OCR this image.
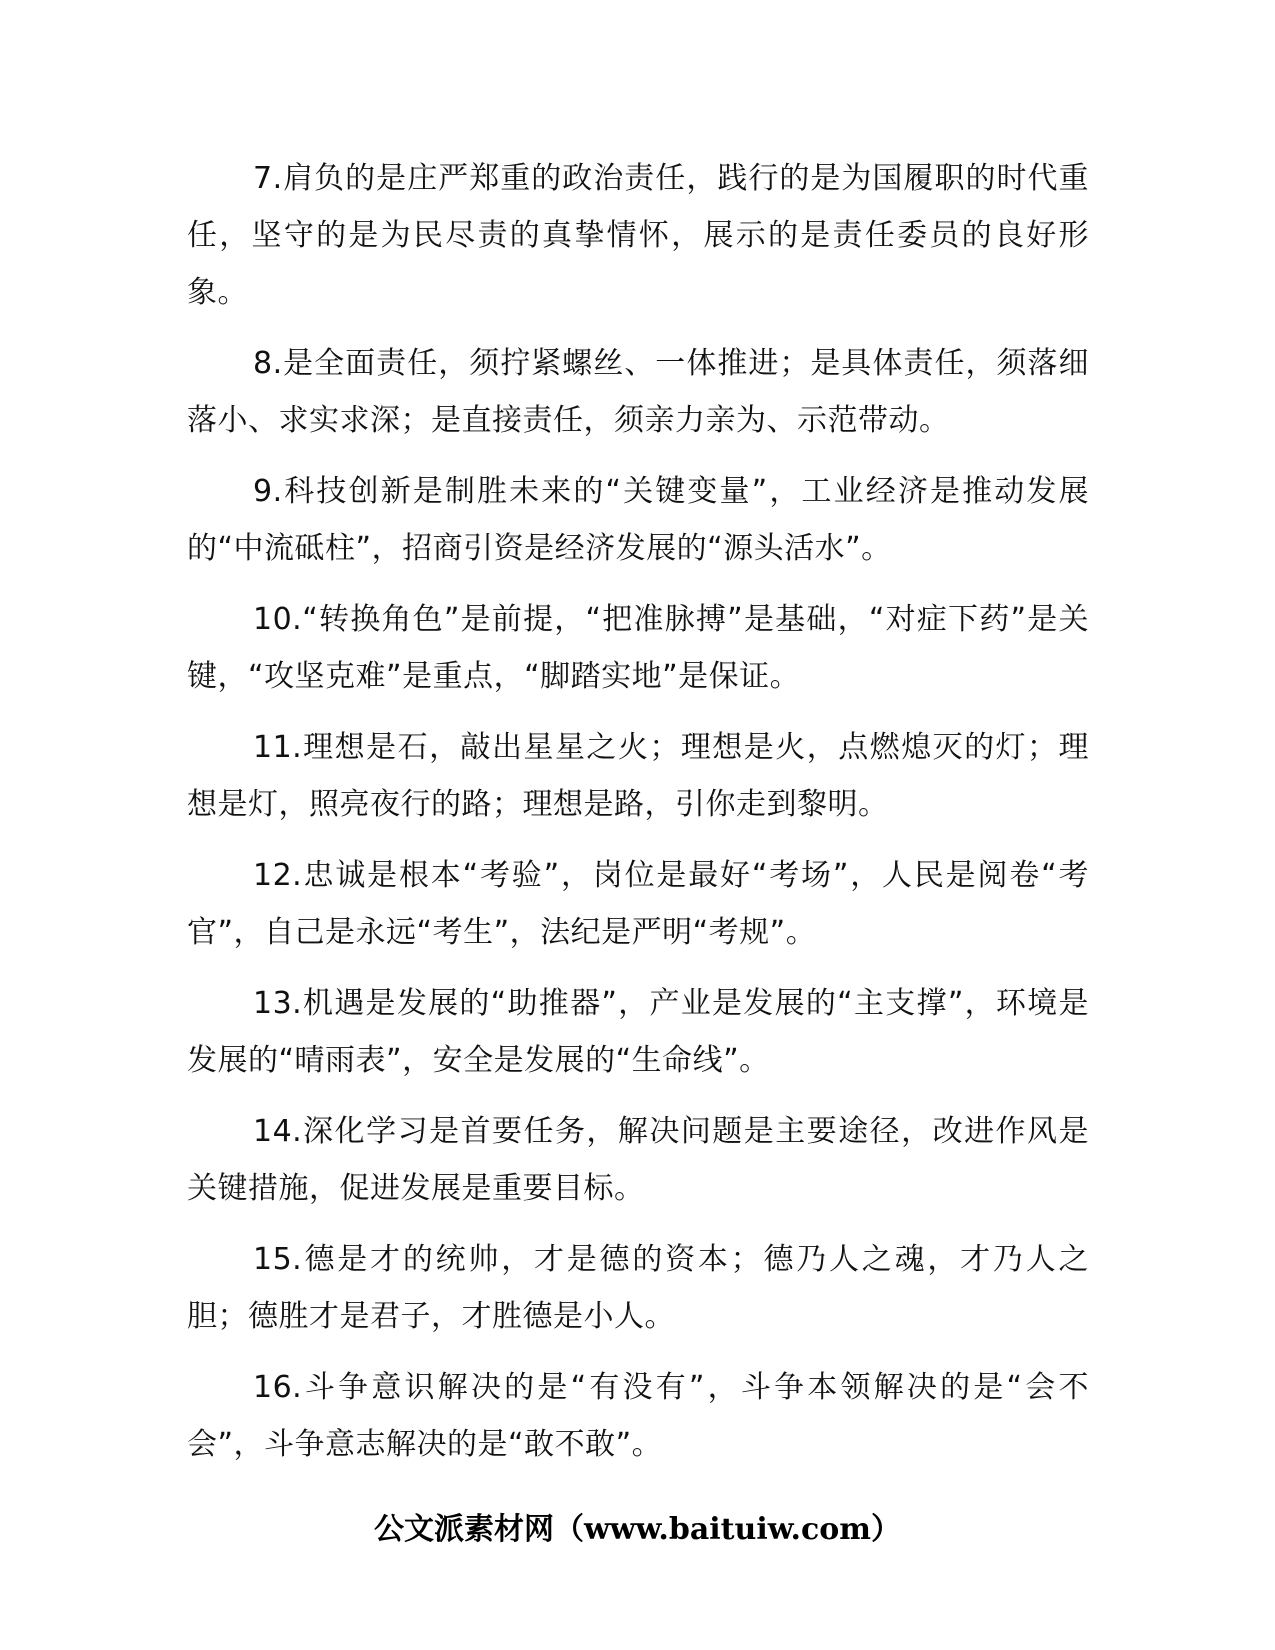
7.肩负的是庄严郑重的政治责任，践行的是为国履职的时代重任，坚守的是为民尽责的真挚情怀，展示的是责任委员的良好形象。

8.是全面责任，须拧紧螺丝、一体推进；是具体责任，须落细落小、求实求深；是直接责任，须亲力亲为、示范带动。

9.科技创新是制胜未来的“关键变量”，工业经济是推动发展的“中流砥柱”，招商引资是经济发展的“源头活水”。

10.“转换角色”是前提，“把准脉搏”是基础，“对症下药”是关键，“攻坚克难”是重点，“脚踏实地”是保证。

11.理想是石，敲出星星之火；理想是火，点燃熄灭的灯；理想是灯，照亮夜行的路；理想是路，引你走到黎明。

12.忠诚是根本“考验”，岗位是最好“考场”，人民是阅卷“考官”，自己是永远“考生”，法纪是严明“考规”。

13.机遇是发展的“助推器”，产业是发展的“主支撑”，环境是发展的“晴雨表”，安全是发展的“生命线”。

14.深化学习是首要任务，解决问题是主要途径，改进作风是关键措施，促进发展是重要目标。

15.德是才的统帅，才是德的资本；德乃人之魂，才乃人之胆；德胜才是君子，才胜德是小人。

16.斗争意识解决的是“有没有”，斗争本领解决的是“会不会”，斗争意志解决的是“敢不敢”。

公文派素材网（www.baituiw.com）
